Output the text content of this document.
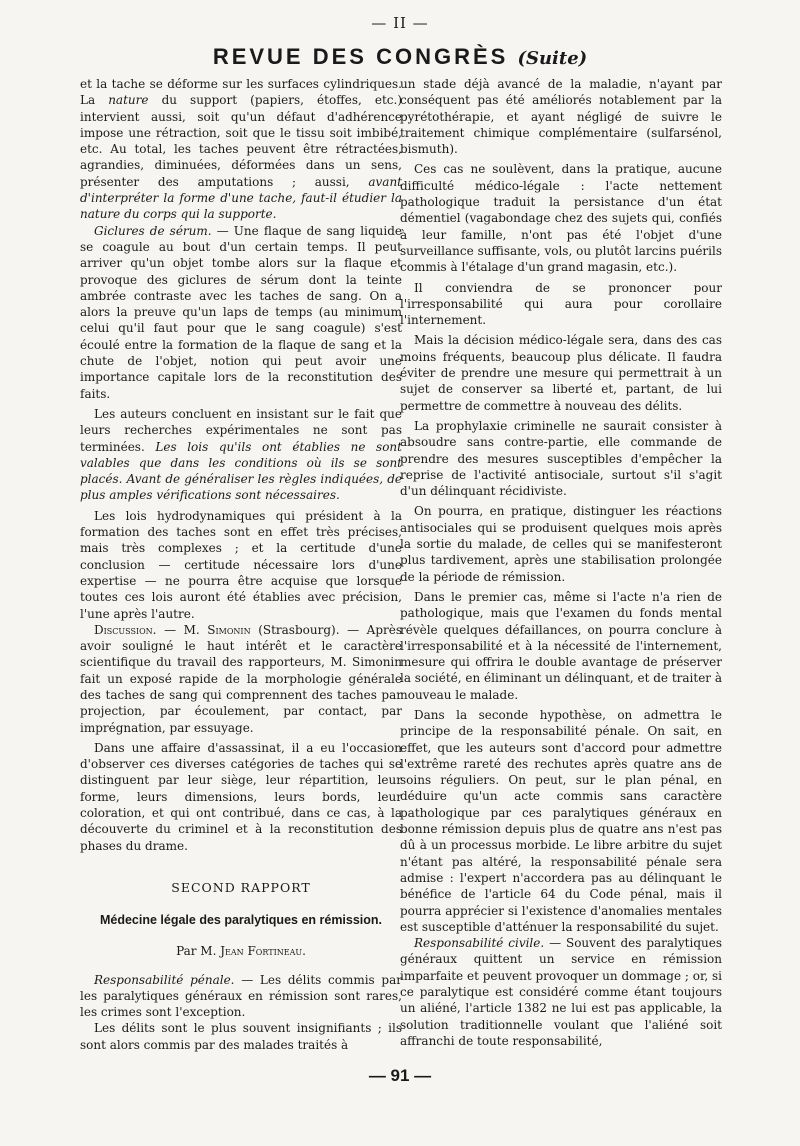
— II —
REVUE DES CONGRÈS (Suite)

et la tache se déforme sur les surfaces cylindriques. La nature du support (papiers, étoffes, etc.) intervient aussi, soit qu'un défaut d'adhérence impose une rétraction, soit que le tissu soit imbibé, etc. Au total, les taches peuvent être rétractées, agrandies, diminuées, déformées dans un sens, présenter des amputations ; aussi, avant d'interpréter la forme d'une tache, faut-il étudier la nature du corps qui la supporte.

Giclures de sérum. — Une flaque de sang liquide se coagule au bout d'un certain temps. Il peut arriver qu'un objet tombe alors sur la flaque et provoque des giclures de sérum dont la teinte ambrée contraste avec les taches de sang. On a alors la preuve qu'un laps de temps (au minimum celui qu'il faut pour que le sang coagule) s'est écoulé entre la formation de la flaque de sang et la chute de l'objet, notion qui peut avoir une importance capitale lors de la reconstitution des faits.

Les auteurs concluent en insistant sur le fait que leurs recherches expérimentales ne sont pas terminées. Les lois qu'ils ont établies ne sont valables que dans les conditions où ils se sont placés. Avant de généraliser les règles indiquées, de plus amples vérifications sont nécessaires.

Les lois hydrodynamiques qui président à la formation des taches sont en effet très précises, mais très complexes ; et la certitude d'une conclusion — certitude nécessaire lors d'une expertise — ne pourra être acquise que lorsque toutes ces lois auront été établies avec précision, l'une après l'autre.

Discussion. — M. Simonin (Strasbourg). — Après avoir souligné le haut intérêt et le caractère scientifique du travail des rapporteurs, M. Simonin fait un exposé rapide de la morphologie générale des taches de sang qui comprennent des taches par projection, par écoulement, par contact, par imprégnation, par essuyage.

Dans une affaire d'assassinat, il a eu l'occasion d'observer ces diverses catégories de taches qui se distinguent par leur siège, leur répartition, leur forme, leurs dimensions, leurs bords, leur coloration, et qui ont contribué, dans ce cas, à la découverte du criminel et à la reconstitution des phases du drame.

SECOND RAPPORT

Médecine légale des paralytiques en rémission.

Par M. Jean Fortineau.

Responsabilité pénale. — Les délits commis par les paralytiques généraux en rémission sont rares, les crimes sont l'exception.

Les délits sont le plus souvent insignifiants ; ils sont alors commis par des malades traités à

un stade déjà avancé de la maladie, n'ayant par conséquent pas été améliorés notablement par la pyrétothérapie, et ayant négligé de suivre le traitement chimique complémentaire (sulfarsénol, bismuth).

Ces cas ne soulèvent, dans la pratique, aucune difficulté médico-légale : l'acte nettement pathologique traduit la persistance d'un état démentiel (vagabondage chez des sujets qui, confiés à leur famille, n'ont pas été l'objet d'une surveillance suffisante, vols, ou plutôt larcins puérils commis à l'étalage d'un grand magasin, etc.).

Il conviendra de se prononcer pour l'irresponsabilité qui aura pour corollaire l'internement.

Mais la décision médico-légale sera, dans des cas moins fréquents, beaucoup plus délicate. Il faudra éviter de prendre une mesure qui permettrait à un sujet de conserver sa liberté et, partant, de lui permettre de commettre à nouveau des délits.

La prophylaxie criminelle ne saurait consister à absoudre sans contre-partie, elle commande de prendre des mesures susceptibles d'empêcher la reprise de l'activité antisociale, surtout s'il s'agit d'un délinquant récidiviste.

On pourra, en pratique, distinguer les réactions antisociales qui se produisent quelques mois après la sortie du malade, de celles qui se manifesteront plus tardivement, après une stabilisation prolongée de la période de rémission.

Dans le premier cas, même si l'acte n'a rien de pathologique, mais que l'examen du fonds mental révèle quelques défaillances, on pourra conclure à l'irresponsabilité et à la nécessité de l'internement, mesure qui offrira le double avantage de préserver la société, en éliminant un délinquant, et de traiter à nouveau le malade.

Dans la seconde hypothèse, on admettra le principe de la responsabilité pénale. On sait, en effet, que les auteurs sont d'accord pour admettre l'extrême rareté des rechutes après quatre ans de soins réguliers. On peut, sur le plan pénal, en déduire qu'un acte commis sans caractère pathologique par ces paralytiques généraux en bonne rémission depuis plus de quatre ans n'est pas dû à un processus morbide. Le libre arbitre du sujet n'étant pas altéré, la responsabilité pénale sera admise : l'expert n'accordera pas au délinquant le bénéfice de l'article 64 du Code pénal, mais il pourra apprécier si l'existence d'anomalies mentales est susceptible d'atténuer la responsabilité du sujet.

Responsabilité civile. — Souvent des paralytiques généraux quittent un service en rémission imparfaite et peuvent provoquer un dommage ; or, si ce paralytique est considéré comme étant toujours un aliéné, l'article 1382 ne lui est pas applicable, la solution traditionnelle voulant que l'aliéné soit affranchi de toute responsabilité,

— 91 —
